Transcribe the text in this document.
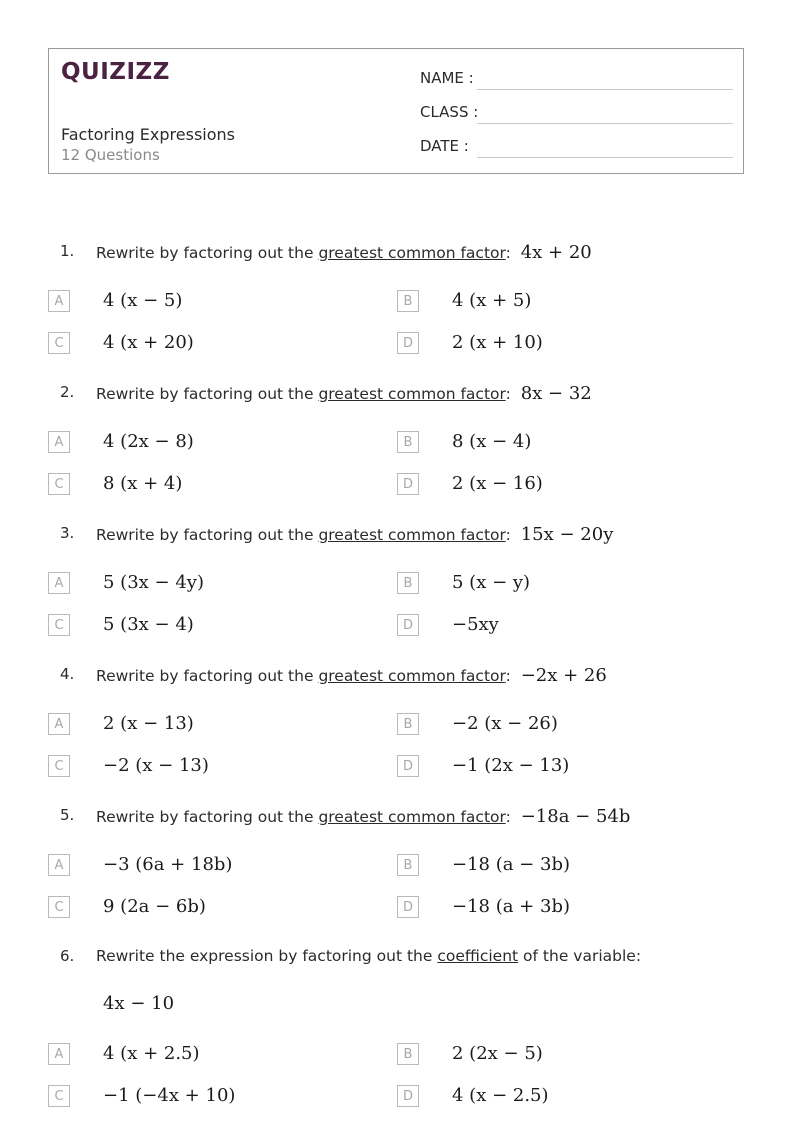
QUIZIZZ
Factoring Expressions
12 Questions
NAME :
CLASS :
DATE :
1. Rewrite by factoring out the greatest common factor: 4x + 20
A	4 (x − 5)	B	4 (x + 5)
C	4 (x + 20)	D	2 (x + 10)
2. Rewrite by factoring out the greatest common factor: 8x − 32
A	4 (2x − 8)	B	8 (x − 4)
C	8 (x + 4)	D	2 (x − 16)
3. Rewrite by factoring out the greatest common factor: 15x − 20y
A	5 (3x − 4y)	B	5 (x − y)
C	5 (3x − 4)	D	−5xy
4. Rewrite by factoring out the greatest common factor: −2x + 26
A	2 (x − 13)	B	−2 (x − 26)
C	−2 (x − 13)	D	−1 (2x − 13)
5. Rewrite by factoring out the greatest common factor: −18a − 54b
A	−3 (6a + 18b)	B	−18 (a − 3b)
C	9 (2a − 6b)	D	−18 (a + 3b)
6. Rewrite the expression by factoring out the coefficient of the variable:
4x − 10
A	4 (x + 2.5)	B	2 (2x − 5)
C	−1 (−4x + 10)	D	4 (x − 2.5)
